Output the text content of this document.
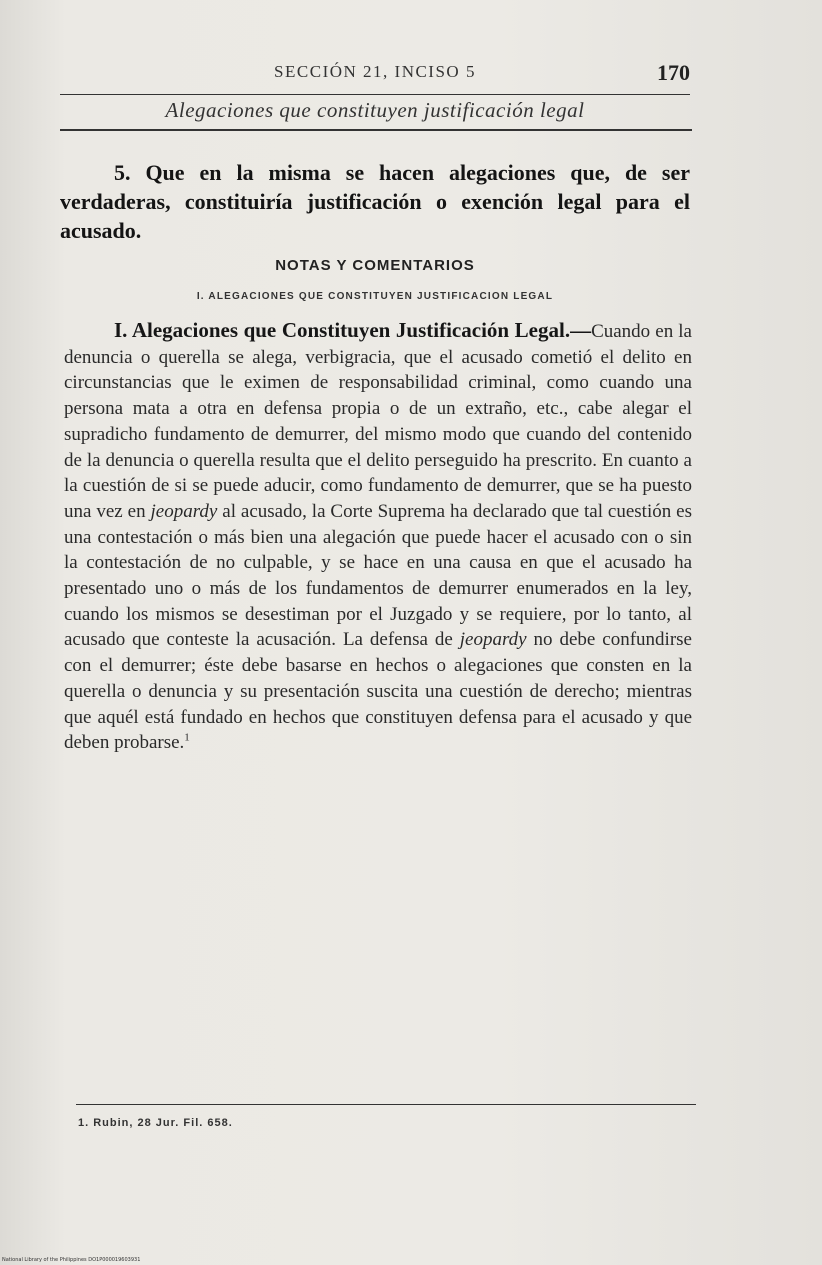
SECCIÓN 21, INCISO 5	170
Alegaciones que constituyen justificación legal

5. Que en la misma se hacen alegaciones que, de ser verdaderas, constituiría justificación o exención legal para el acusado.

NOTAS Y COMENTARIOS
I. ALEGACIONES QUE CONSTITUYEN JUSTIFICACION LEGAL

I. Alegaciones que Constituyen Justificación Legal.—Cuando en la denuncia o querella se alega, verbigracia, que el acusado cometió el delito en circunstancias que le eximen de responsabilidad criminal, como cuando una persona mata a otra en defensa propia o de un extraño, etc., cabe alegar el supradicho fundamento de demurrer, del mismo modo que cuando del contenido de la denuncia o querella resulta que el delito perseguido ha prescrito. En cuanto a la cuestión de si se puede aducir, como fundamento de demurrer, que se ha puesto una vez en jeopardy al acusado, la Corte Suprema ha declarado que tal cuestión es una contestación o más bien una alegación que puede hacer el acusado con o sin la contestación de no culpable, y se hace en una causa en que el acusado ha presentado uno o más de los fundamentos de demurrer enumerados en la ley, cuando los mismos se desestiman por el Juzgado y se requiere, por lo tanto, al acusado que conteste la acusación. La defensa de jeopardy no debe confundirse con el demurrer; éste debe basarse en hechos o alegaciones que consten en la querella o denuncia y su presentación suscita una cuestión de derecho; mientras que aquél está fundado en hechos que constituyen defensa para el acusado y que deben probarse.$^1$

1. Rubin, 28 Jur. Fil. 658.
National Library of the Philippines DO1P000019603931
